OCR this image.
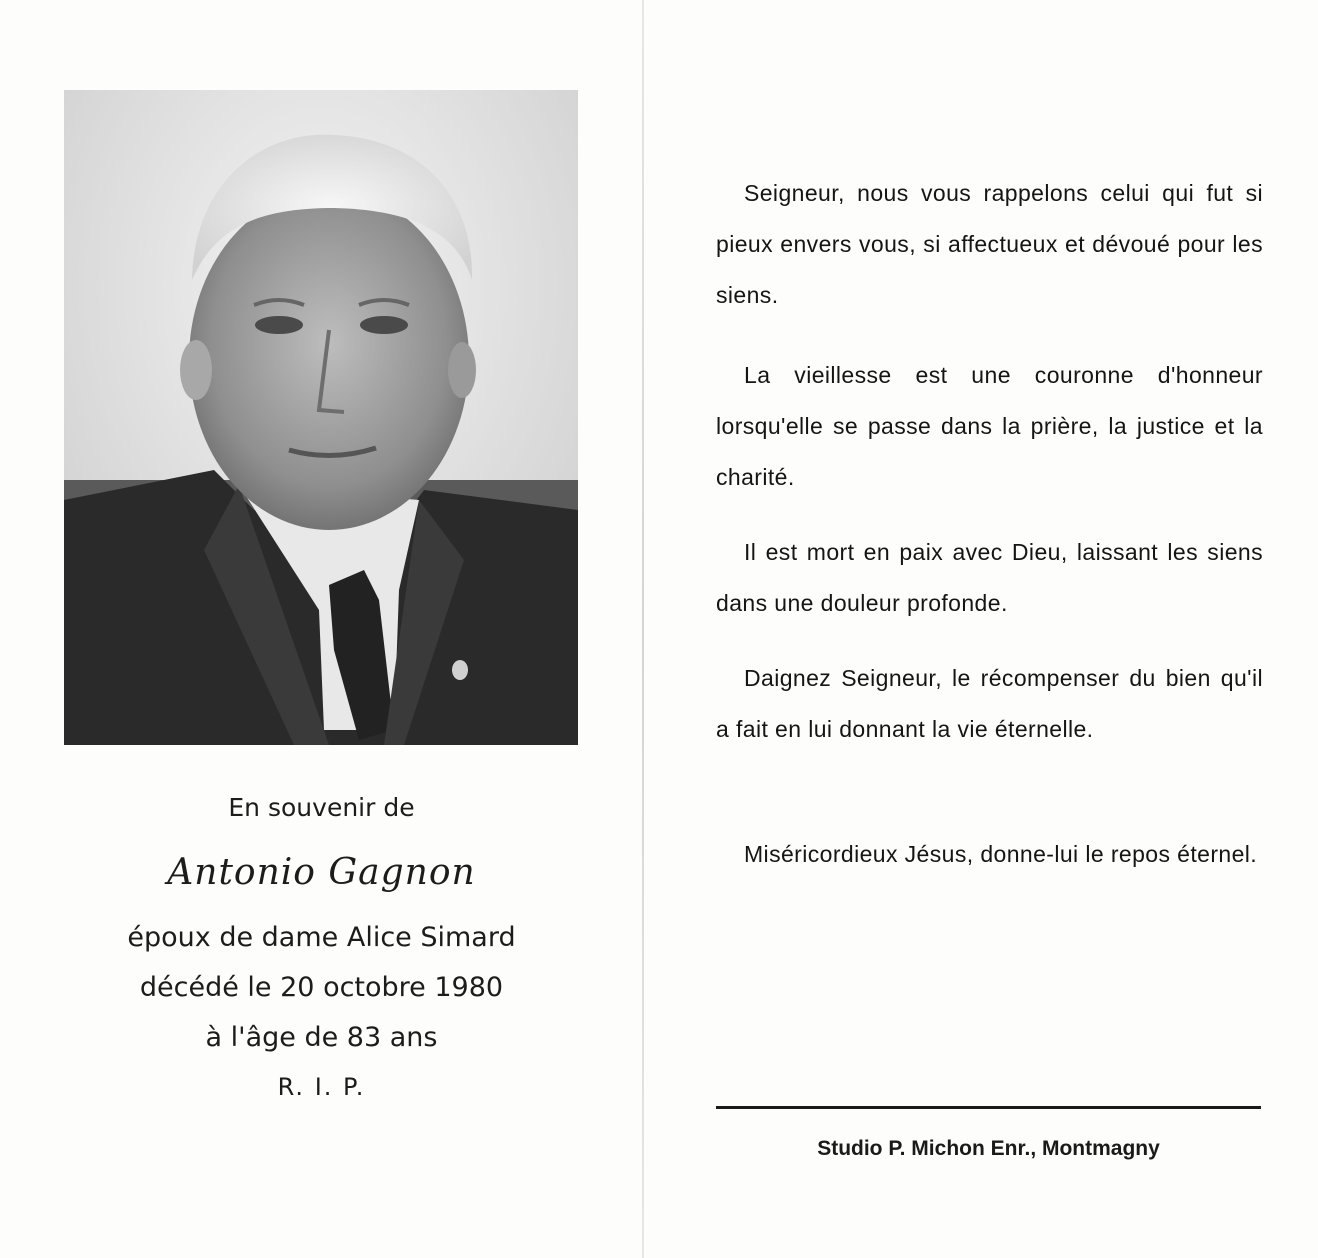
En souvenir de
Antonio Gagnon
époux de dame Alice Simard
décédé le 20 octobre 1980
à l'âge de 83 ans
R. I. P.

Seigneur, nous vous rappelons celui qui fut si pieux envers vous, si affectueux et dévoué pour les siens.

La vieillesse est une couronne d'honneur lorsqu'elle se passe dans la prière, la justice et la charité.

Il est mort en paix avec Dieu, laissant les siens dans une douleur profonde.

Daignez Seigneur, le récompenser du bien qu'il a fait en lui donnant la vie éternelle.

Miséricordieux Jésus, donne-lui le repos éternel.

Studio P. Michon Enr., Montmagny
